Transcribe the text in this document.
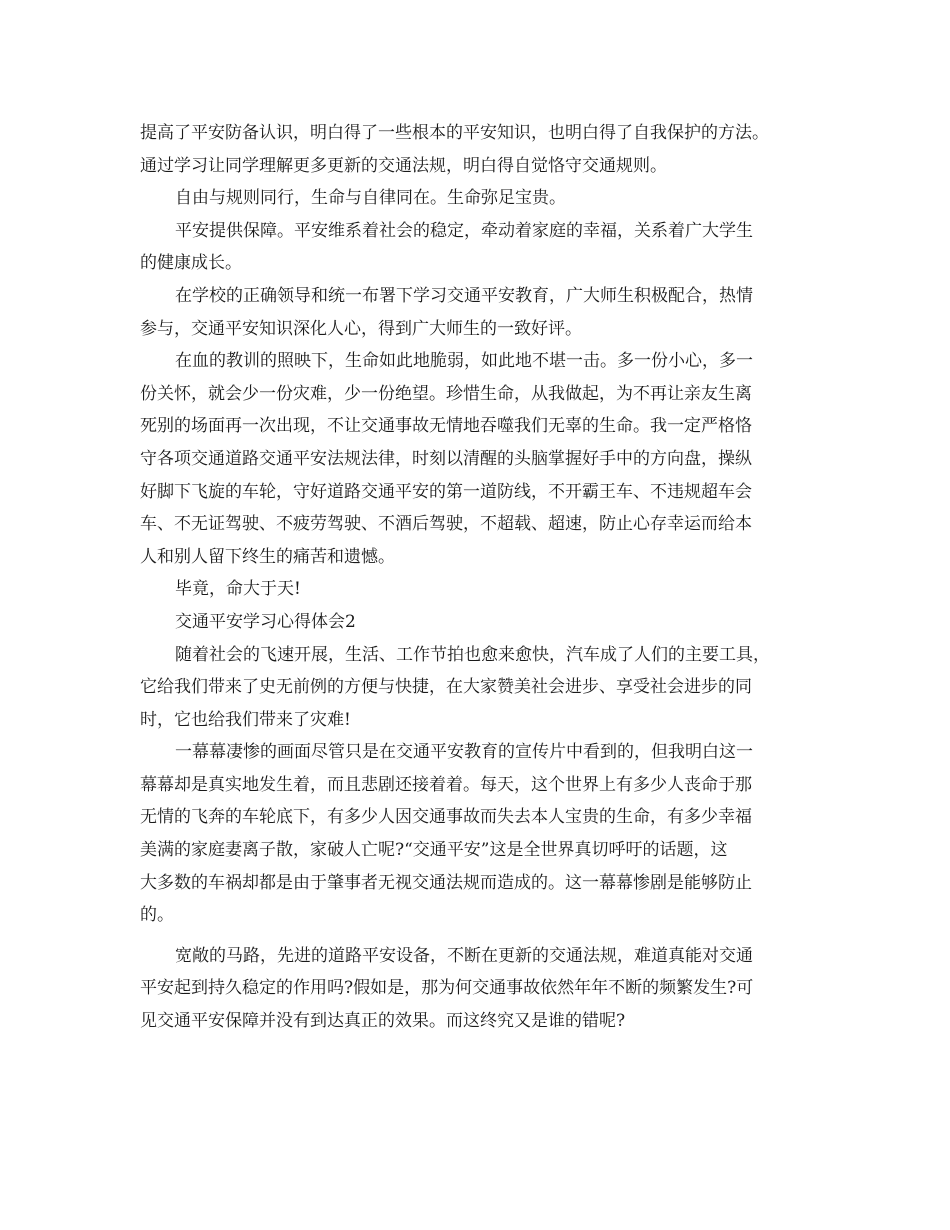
提高了平安防备认识，明白得了一些根本的平安知识，也明白得了自我保护的方法。

通过学习让同学理解更多更新的交通法规，明白得自觉恪守交通规则。

自由与规则同行，生命与自律同在。生命弥足宝贵。

平安提供保障。平安维系着社会的稳定，牵动着家庭的幸福，关系着广大学生

的健康成长。

在学校的正确领导和统一布署下学习交通平安教育，广大师生积极配合，热情

参与，交通平安知识深化人心，得到广大师生的一致好评。

在血的教训的照映下，生命如此地脆弱，如此地不堪一击。多一份小心，多一

份关怀，就会少一份灾难，少一份绝望。珍惜生命，从我做起，为不再让亲友生离

死别的场面再一次出现，不让交通事故无情地吞噬我们无辜的生命。我一定严格恪

守各项交通道路交通平安法规法律，时刻以清醒的头脑掌握好手中的方向盘，操纵

好脚下飞旋的车轮，守好道路交通平安的第一道防线，不开霸王车、不违规超车会

车、不无证驾驶、不疲劳驾驶、不酒后驾驶，不超载、超速，防止心存幸运而给本

人和别人留下终生的痛苦和遗憾。

毕竟，命大于天!

交通平安学习心得体会2

随着社会的飞速开展，生活、工作节拍也愈来愈快，汽车成了人们的主要工具，

它给我们带来了史无前例的方便与快捷，在大家赞美社会进步、享受社会进步的同

时，它也给我们带来了灾难!

一幕幕凄惨的画面尽管只是在交通平安教育的宣传片中看到的，但我明白这一

幕幕却是真实地发生着，而且悲剧还接着着。每天，这个世界上有多少人丧命于那

无情的飞奔的车轮底下，有多少人因交通事故而失去本人宝贵的生命，有多少幸福

美满的家庭妻离子散，家破人亡呢?“交通平安”这是全世界真切呼吁的话题，这

大多数的车祸却都是由于肇事者无视交通法规而造成的。这一幕幕惨剧是能够防止

的。

宽敞的马路，先进的道路平安设备，不断在更新的交通法规，难道真能对交通

平安起到持久稳定的作用吗?假如是，那为何交通事故依然年年不断的频繁发生?可

见交通平安保障并没有到达真正的效果。而这终究又是谁的错呢?
